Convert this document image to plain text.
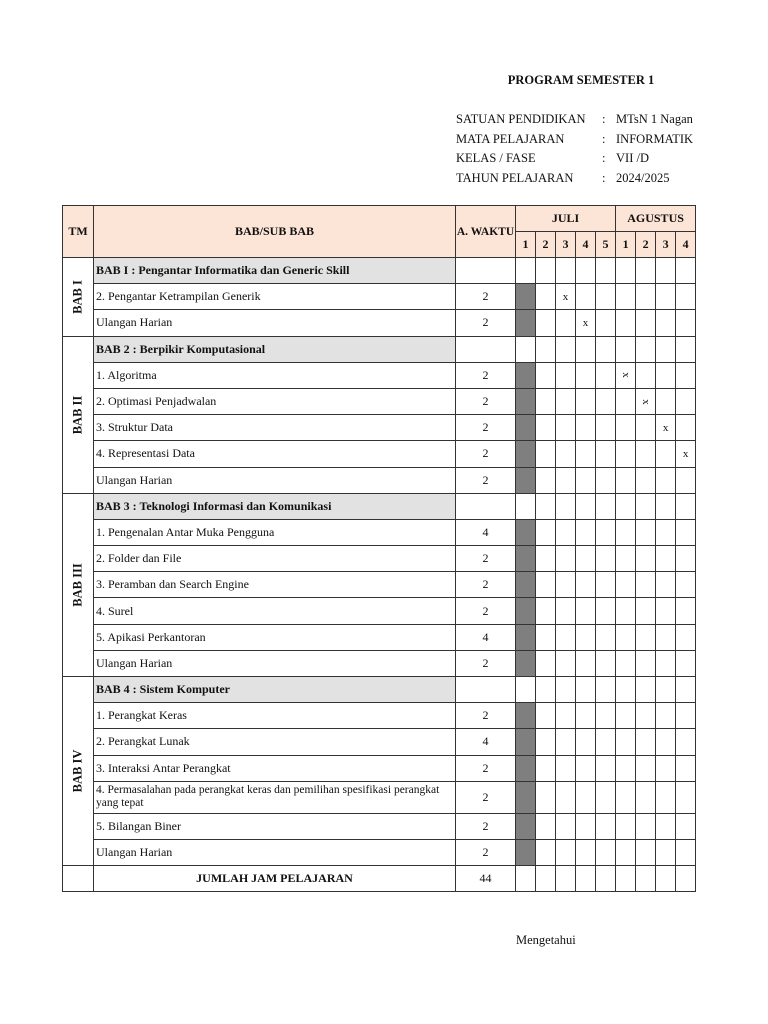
PROGRAM SEMESTER 1
SATUAN PENDIDIKAN	: MTsN 1 Nagan
MATA PELAJARAN	: INFORMATIK
KELAS / FASE	: VII /D
TAHUN PELAJARAN	: 2024/2025
TM	BAB/SUB BAB	A. WAKTU	JULI					AGUSTUS			
			1	2	3	4	5	1	2	3	4

BAB I	BAB I : Pengantar Informatika dan Generic Skill										
	2. Pengantar Ketrampilan Generik	2			x						
	Ulangan Harian	2				x					

BAB II	BAB 2 : Berpikir Komputasional										
	1. Algoritma	2						x			
	2. Optimasi Penjadwalan	2							x		
	3. Struktur Data	2								x	
	4. Representasi Data	2									x
	Ulangan Harian	2									

BAB III	BAB 3 : Teknologi Informasi dan Komunikasi										
	1. Pengenalan Antar Muka Pengguna	4									
	2. Folder dan File	2									
	3. Peramban dan Search Engine	2									
	4. Surel	2									
	5. Apikasi Perkantoran	4									
	Ulangan Harian	2									

BAB IV	BAB 4 : Sistem Komputer										
	1. Perangkat Keras	2									
	2. Perangkat Lunak	4									
	3. Interaksi Antar Perangkat	2									
	4. Permasalahan pada perangkat keras dan pemilihan spesifikasi perangkat yang tepat	2									
	5. Bilangan Biner	2									
	Ulangan Harian	2									
	JUMLAH JAM PELAJARAN	44									
Mengetahui
